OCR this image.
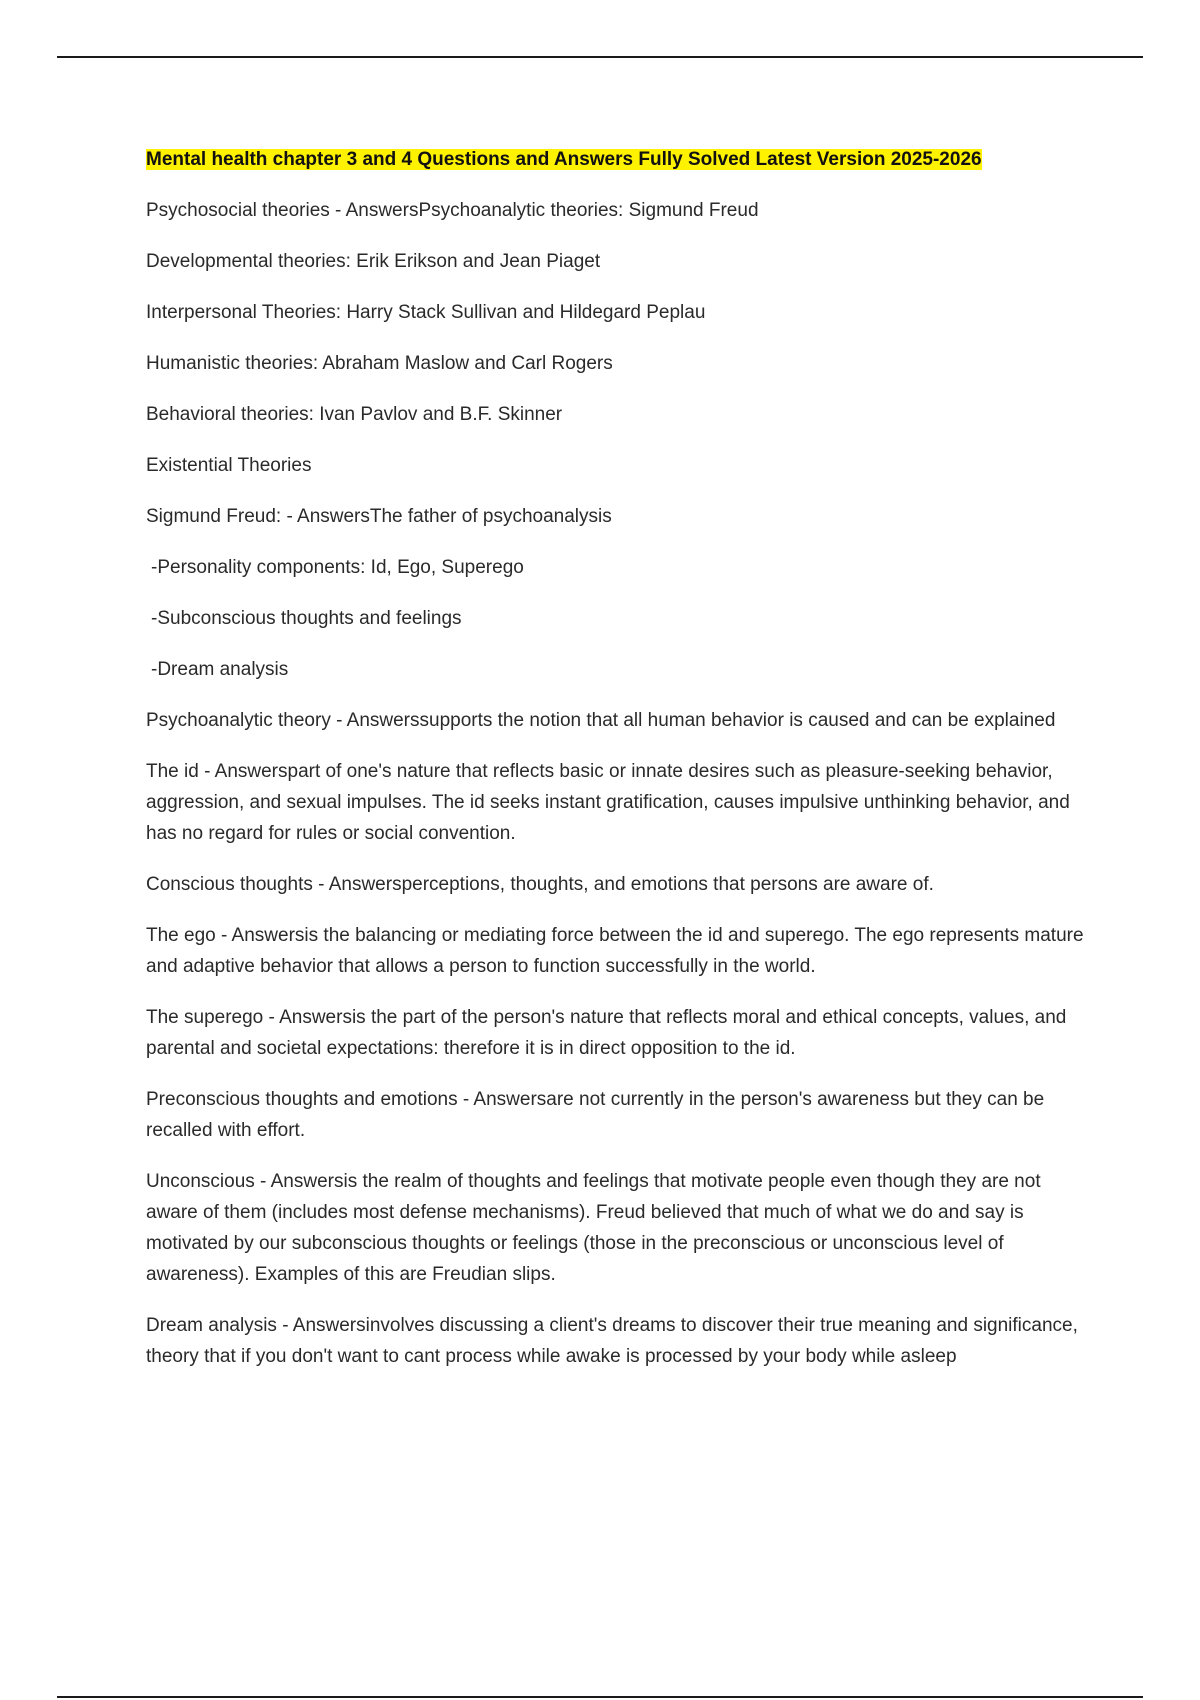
Mental health chapter 3 and 4 Questions and Answers Fully Solved Latest Version 2025-2026

Psychosocial theories - AnswersPsychoanalytic theories: Sigmund Freud

Developmental theories: Erik Erikson and Jean Piaget

Interpersonal Theories: Harry Stack Sullivan and Hildegard Peplau

Humanistic theories: Abraham Maslow and Carl Rogers

Behavioral theories: Ivan Pavlov and B.F. Skinner

Existential Theories

Sigmund Freud: - AnswersThe father of psychoanalysis

-Personality components: Id, Ego, Superego

-Subconscious thoughts and feelings

-Dream analysis

Psychoanalytic theory - Answerssupports the notion that all human behavior is caused and can be explained

The id - Answerspart of one's nature that reflects basic or innate desires such as pleasure-seeking behavior, aggression, and sexual impulses. The id seeks instant gratification, causes impulsive unthinking behavior, and has no regard for rules or social convention.

Conscious thoughts - Answersperceptions, thoughts, and emotions that persons are aware of.

The ego - Answersis the balancing or mediating force between the id and superego. The ego represents mature and adaptive behavior that allows a person to function successfully in the world.

The superego - Answersis the part of the person's nature that reflects moral and ethical concepts, values, and parental and societal expectations: therefore it is in direct opposition to the id.

Preconscious thoughts and emotions - Answersare not currently in the person's awareness but they can be recalled with effort.

Unconscious - Answersis the realm of thoughts and feelings that motivate people even though they are not aware of them (includes most defense mechanisms). Freud believed that much of what we do and say is motivated by our subconscious thoughts or feelings (those in the preconscious or unconscious level of awareness). Examples of this are Freudian slips.

Dream analysis - Answersinvolves discussing a client's dreams to discover their true meaning and significance, theory that if you don't want to cant process while awake is processed by your body while asleep
